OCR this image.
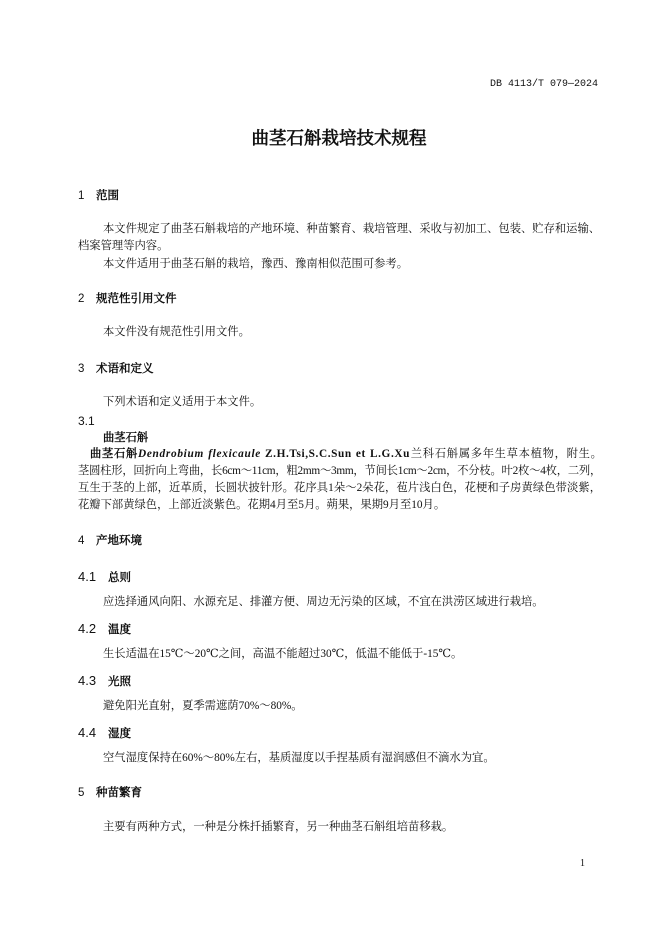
DB 4113/T 079—2024
曲茎石斛栽培技术规程
1 范围
本文件规定了曲茎石斛栽培的产地环境、种苗繁育、栽培管理、采收与初加工、包装、贮存和运输、
档案管理等内容。
本文件适用于曲茎石斛的栽培，豫西、豫南相似范围可参考。
2 规范性引用文件
本文件没有规范性引用文件。
3 术语和定义
下列术语和定义适用于本文件。
3.1
曲茎石斛
曲茎石斛Dendrobium flexicaule Z.H.Tsi,S.C.Sun et L.G.Xu兰科石斛属多年生草本植物，附生。
茎圆柱形，回折向上弯曲，长6cm～11cm，粗2mm～3mm，节间长1cm～2cm，不分枝。叶2枚～4枚，二列，
互生于茎的上部，近革质，长圆状披针形。花序具1朵～2朵花，苞片浅白色，花梗和子房黄绿色带淡紫，
花瓣下部黄绿色，上部近淡紫色。花期4月至5月。蒴果，果期9月至10月。
4 产地环境
4.1 总则
应选择通风向阳、水源充足、排灌方便、周边无污染的区域，不宜在洪涝区域进行栽培。
4.2 温度
生长适温在15℃～20℃之间，高温不能超过30℃，低温不能低于-15℃。
4.3 光照
避免阳光直射，夏季需遮荫70%～80%。
4.4 湿度
空气湿度保持在60%～80%左右，基质湿度以手捏基质有湿润感但不滴水为宜。
5 种苗繁育
主要有两种方式，一种是分株扦插繁育，另一种曲茎石斛组培苗移栽。
1
